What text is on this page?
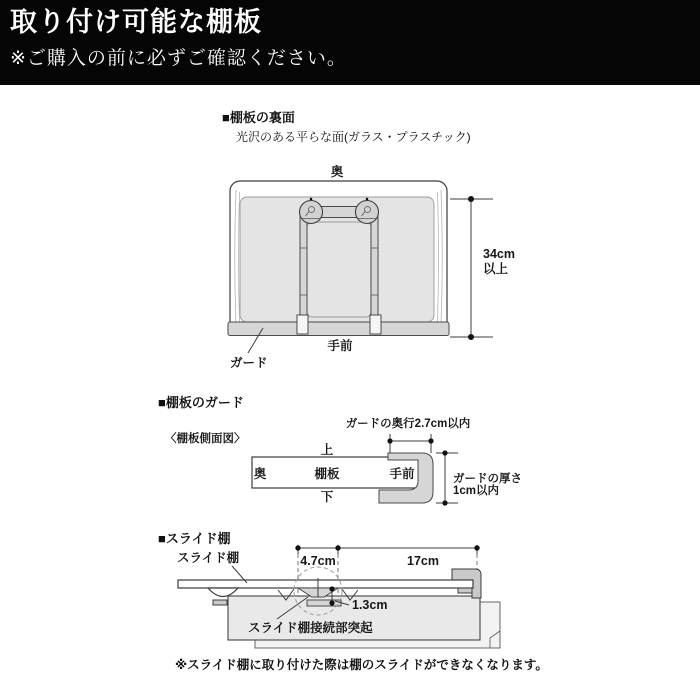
取り付け可能な棚板
※ご購入の前に必ずご確認ください。
■棚板の裏面
光沢のある平らな面(ガラス・プラスチック)
奥
手前
ガード
34cm
以上
■棚板のガード
〈棚板側面図〉
ガードの奥行2.7cm以内
上
奥	棚板	手前
下
ガードの厚さ
1cm以内
■スライド棚
4.7cm	17cm
1.3cm
スライド棚
スライド棚接続部突起
※スライド棚に取り付けた際は棚のスライドができなくなります。
